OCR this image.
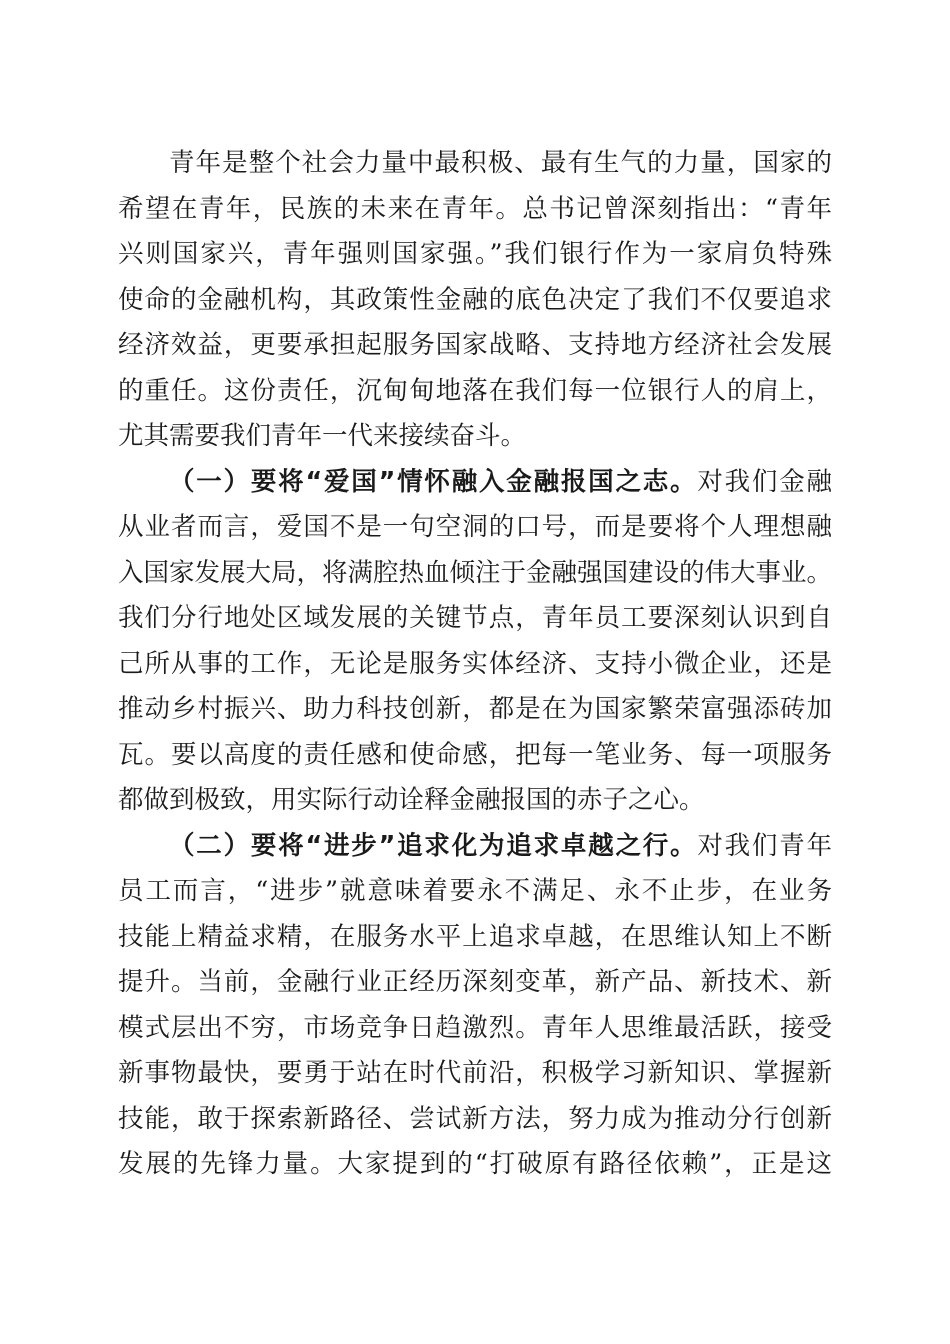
青年是整个社会力量中最积极、最有生气的力量，国家的
希望在青年，民族的未来在青年。总书记曾深刻指出：“青年
兴则国家兴，青年强则国家强。”我们银行作为一家肩负特殊
使命的金融机构，其政策性金融的底色决定了我们不仅要追求
经济效益，更要承担起服务国家战略、支持地方经济社会发展
的重任。这份责任，沉甸甸地落在我们每一位银行人的肩上，
尤其需要我们青年一代来接续奋斗。
（一）要将“爱国”情怀融入金融报国之志。对我们金融
从业者而言，爱国不是一句空洞的口号，而是要将个人理想融
入国家发展大局，将满腔热血倾注于金融强国建设的伟大事业。
我们分行地处区域发展的关键节点，青年员工要深刻认识到自
己所从事的工作，无论是服务实体经济、支持小微企业，还是
推动乡村振兴、助力科技创新，都是在为国家繁荣富强添砖加
瓦。要以高度的责任感和使命感，把每一笔业务、每一项服务
都做到极致，用实际行动诠释金融报国的赤子之心。
（二）要将“进步”追求化为追求卓越之行。对我们青年
员工而言，“进步”就意味着要永不满足、永不止步，在业务
技能上精益求精，在服务水平上追求卓越，在思维认知上不断
提升。当前，金融行业正经历深刻变革，新产品、新技术、新
模式层出不穷，市场竞争日趋激烈。青年人思维最活跃，接受
新事物最快，要勇于站在时代前沿，积极学习新知识、掌握新
技能，敢于探索新路径、尝试新方法，努力成为推动分行创新
发展的先锋力量。大家提到的“打破原有路径依赖”，正是这
